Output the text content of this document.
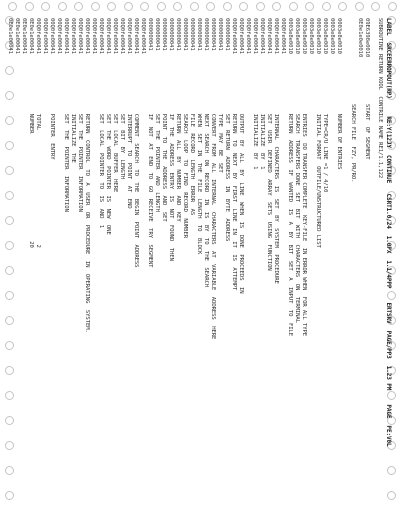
LABEL  SRCEERROPOUT(RP)     RE:Y(12JY  CONTINUE   CSRT1.0/24  1.0PX  1.1/4PPP    ERTSRV  PAGE/PP3  1.23 PM    PAGE  PE:V0L
SUBROUTINE RETURN KOOL  CONTRILE NAME RE1/1.1,122
09E6398e0010
0E0e1e0e0010
0003e8e0010
0003e8e0010
0003e8e0010
0003e8e0010
0003e8e0010
0003e8e0010
0003e8e0010
0003e8e0010
00Q0fe00041
00Q0fe00041
00Q0fe00041
00Q0fe00041
00Q0fe00041
00Q0fe00041
00Q0fe00041
00Q0fe00041
0000000041
0000000041
0000000041
0000000041
0000000041
0000000041
0000000041
0000000041
0000000041
0000000041
0000000041
0000000041
00Q0fe00041
00Q0fe00041
00Q0fe00041
00Q0fe00041
00Q0fe00041
00Q0fe00041
00Q0fe00041
00Q0fe00041
00Q0fe00041
00Q0fe00041
00Q0fe00041
00Q0fe00041
00Q0fe00041
00Q0fe00041
00Q0fe00041
00Q0fe00041
0E0e1e00041
0E0e1e00041
0E0e1e00041
0E0e1e00041
START  OF SEGMENT
SEARCH FILE  FZY, PR/RO.
NUMBER OF ENTRIES
TYPE=CR/U LINE =1 / 4/10
INITIAL FORMAT  OUTFILE/UNSTRUCTURED LIST
ENTRIES  DO TRANSFER COMPLETE  KEY-FILE  IN ERROR WHEN  FOR ALL TYPE
SEARCH  TRANSFERS DONE  SET  BIT  WITH  CHARACTERS  ON  TERMINAL
RETURN  ADDRESS  IF  WANTED  IS  A  BY  BIT  SET  A  INPUT  TO  FILE
INTERNAL  CHARACTERS  IS  SET  BY  SYSTEM  PROCEDURE
SET  USER  DEFINED  ARRAY  SETS  USING  FUNCTION
INITIALIZE  BY  1
INITIALIZE  BY  1
OUTPUT  BY  ALL  BY  LINE  WHEN  IS  DONE  PROCEEDS  IN
RETURN  TO  NEXT  BY  FIRST  LINE  IN  IT  IS  ATTEMPT
SET  RETURN  ADDRESS  IN  BYTE  ADDRESS
TYPE  MAY  BE  SET
CONVERT  FROM  ALL  INTERNAL  CHARACTERS  AT  VARIABLE  ADDRESS  HERE
NEXT  SEARCH  ON  RECORD  IN  IS  BY  TO  THE  SEARCH
WHEN  SET  IN  THE  FILE  LENGTH  TO  BLOCK
FILE  RECORD  LENGTH  ERROR  AS
SEARCH  LOOP  TO  FIND  RECORD  NUMBER
RETURN  ALL  BY  NUMBER  AND  KEY
IF  THE  ADDRESS  ENTRY  IS  NOT  FOUND  THEN
POINT  TO  THE  ADDRESS  AND  SET
SET  THE  POINTER  AND  LENGTH
IF  NOT  AT  END  TO  GO  RECEIVE  TRY  SEGMENT
COMMENT  SEARCH  TO  THE  BEGIN  POINT  ADDRESS
INTERRUPT  TO  POINT  AT  END
SET  BIT  BY  LENGTH
SET  LOCAL  BUFFER  HERE
SET  THE  WORD  POINTER  IS  NEW  ONE
SET  LOCAL  POINTER  TO  IS  AND  1
RETURN  CONTROL  TO  A  USER  OR  PROCEDURE  IN  OPERATING  SYSTEM.
SET  THE  POINTER  INFORMATION
INITIALIZE  THE
SET  THE  POINTER  INFORMATION
POINTER  ENTRY
TOTAL                                   2
NUMBER                                 20
